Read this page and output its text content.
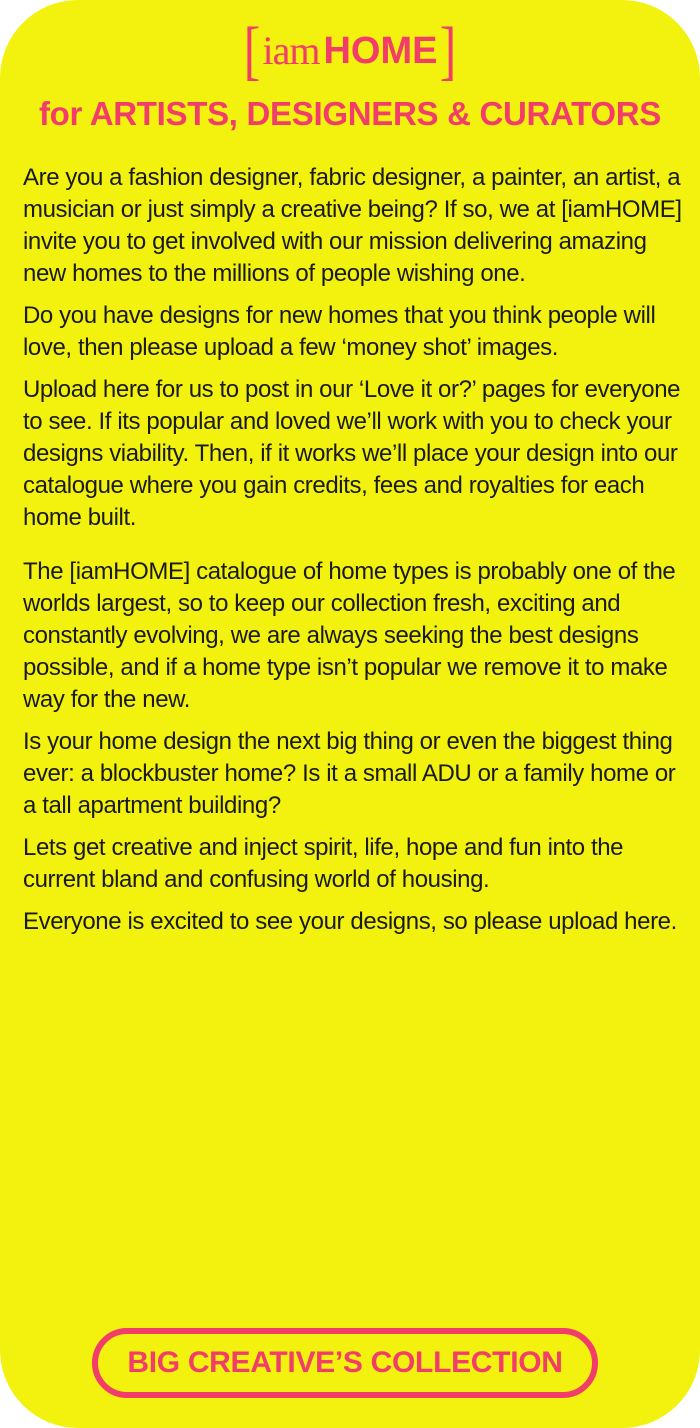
[iam HOME]
for ARTISTS, DESIGNERS & CURATORS

Are you a fashion designer, fabric designer, a painter, an artist, a musician or just simply a creative being? If so, we at [iamHOME] invite you to get involved with our mission delivering amazing new homes to the millions of people wishing one.

Do you have designs for new homes that you think people will love, then please upload a few ‘money shot’ images.

Upload here for us to post in our ‘Love it or?’ pages for everyone to see. If its popular and loved we’ll work with you to check your designs viability. Then, if it works we’ll place your design into our catalogue where you gain credits, fees and royalties for each home built.

The [iamHOME] catalogue of home types is probably one of the worlds largest, so to keep our collection fresh, exciting and constantly evolving, we are always seeking the best designs possible, and if a home type isn’t popular we remove it to make way for the new.

Is your home design the next big thing or even the biggest thing ever: a blockbuster home? Is it a small ADU or a family home or a tall apartment building?

Lets get creative and inject spirit, life, hope and fun into the current bland and confusing world of housing.

Everyone is excited to see your designs, so please upload here.

BIG CREATIVE’S COLLECTION
